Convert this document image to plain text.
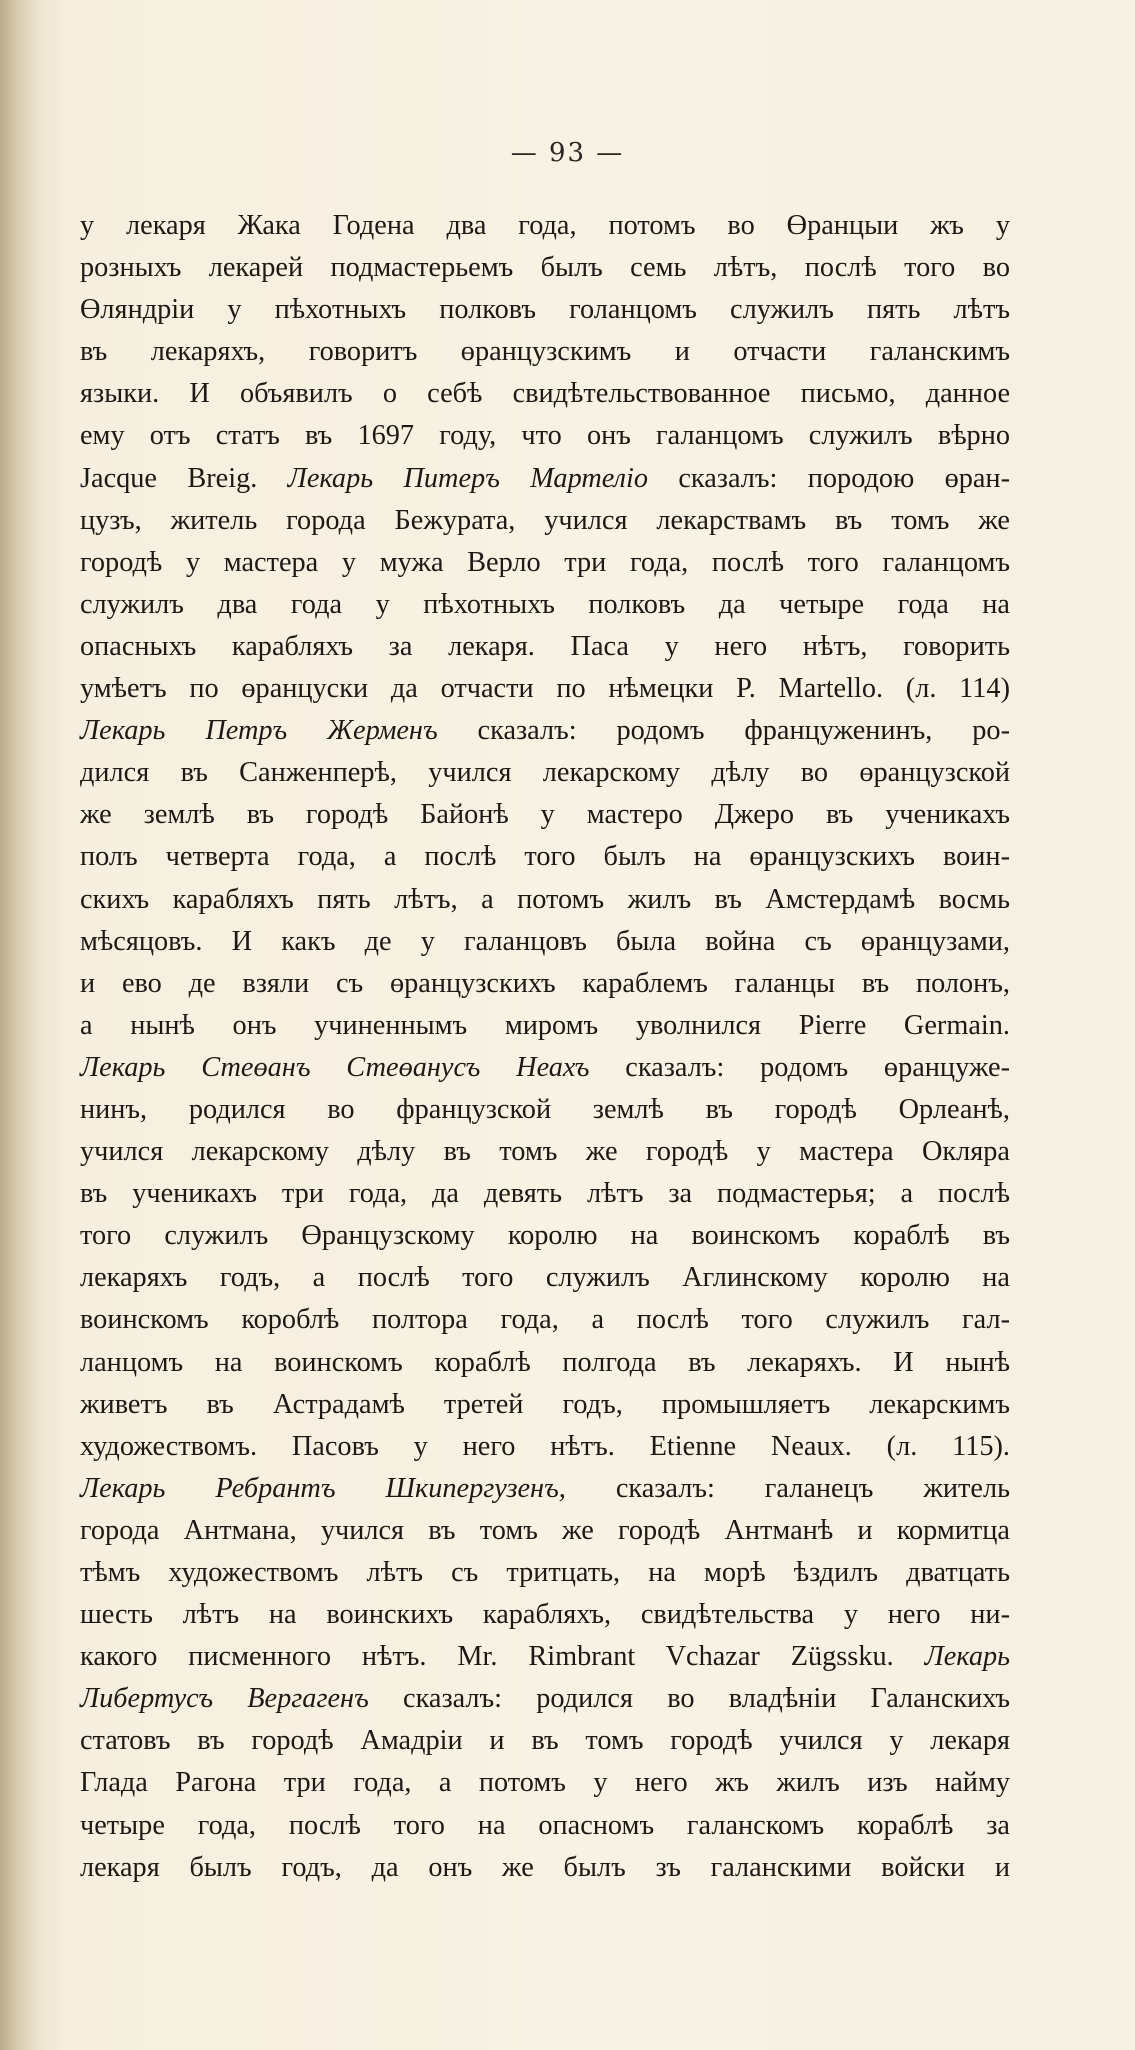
— 93 —
у лекаря Жака Годена два года, потомъ во Өранцыи жъ у
розныхъ лекарей подмастерьемъ былъ семь лѣтъ, послѣ того во
Өляндріи у пѣхотныхъ полковъ голанцомъ служилъ пять лѣтъ
въ лекаряхъ, говоритъ өранцузскимъ и отчасти галанскимъ
языки. И объявилъ о себѣ свидѣтельствованное письмо, данное
ему отъ статъ въ 1697 году, что онъ галанцомъ служилъ вѣрно
Jacque Breig. Лекарь Питеръ Мартеліо сказалъ: породою өран-
цузъ, житель города Бежурата, учился лекарствамъ въ томъ же
городѣ у мастера у мужа Верло три года, послѣ того галанцомъ
служилъ два года у пѣхотныхъ полковъ да четыре года на
опасныхъ карабляхъ за лекаря. Паса у него нѣтъ, говорить
умѣетъ по өранцуски да отчасти по нѣмецки P. Martello. (л. 114)
Лекарь Петръ Жерменъ сказалъ: родомъ француженинъ, ро-
дился въ Санженперѣ, учился лекарскому дѣлу во өранцузской
же землѣ въ городѣ Байонѣ у мастеро Джеро въ ученикахъ
полъ четверта года, а послѣ того былъ на өранцузскихъ воин-
скихъ карабляхъ пять лѣтъ, а потомъ жилъ въ Амстердамѣ восмь
мѣсяцовъ. И какъ де у галанцовъ была война съ өранцузами,
и ево де взяли съ өранцузскихъ караблемъ галанцы въ полонъ,
а нынѣ онъ учиненнымъ миромъ уволнился Pierre Germain.
Лекарь Стеөанъ Стеөанусъ Неахъ сказалъ: родомъ өранцуже-
нинъ, родился во французской землѣ въ городѣ Орлеанѣ,
учился лекарскому дѣлу въ томъ же городѣ у мастера Окляра
въ ученикахъ три года, да девять лѣтъ за подмастерья; а послѣ
того служилъ Өранцузскому королю на воинскомъ кораблѣ въ
лекаряхъ годъ, а послѣ того служилъ Аглинскому королю на
воинскомъ короблѣ полтора года, а послѣ того служилъ гал-
ланцомъ на воинскомъ кораблѣ полгода въ лекаряхъ. И нынѣ
живетъ въ Астрадамѣ третей годъ, промышляетъ лекарскимъ
художествомъ. Пасовъ у него нѣтъ. Etienne Neaux. (л. 115).
Лекарь Ребрантъ Шкипергузенъ, сказалъ: галанецъ житель
города Антмана, учился въ томъ же городѣ Антманѣ и кормитца
тѣмъ художествомъ лѣтъ съ тритцать, на морѣ ѣздилъ дватцать
шесть лѣтъ на воинскихъ карабляхъ, свидѣтельства у него ни-
какого писменного нѣтъ. Mr. Rimbrant Vchazar Zügssku. Лекарь
Либертусъ Вергагенъ сказалъ: родился во владѣніи Галанскихъ
статовъ въ городѣ Амадріи и въ томъ городѣ учился у лекаря
Глада Рагона три года, а потомъ у него жъ жилъ изъ найму
четыре года, послѣ того на опасномъ галанскомъ кораблѣ за
лекаря былъ годъ, да онъ же былъ зъ галанскими войски и
